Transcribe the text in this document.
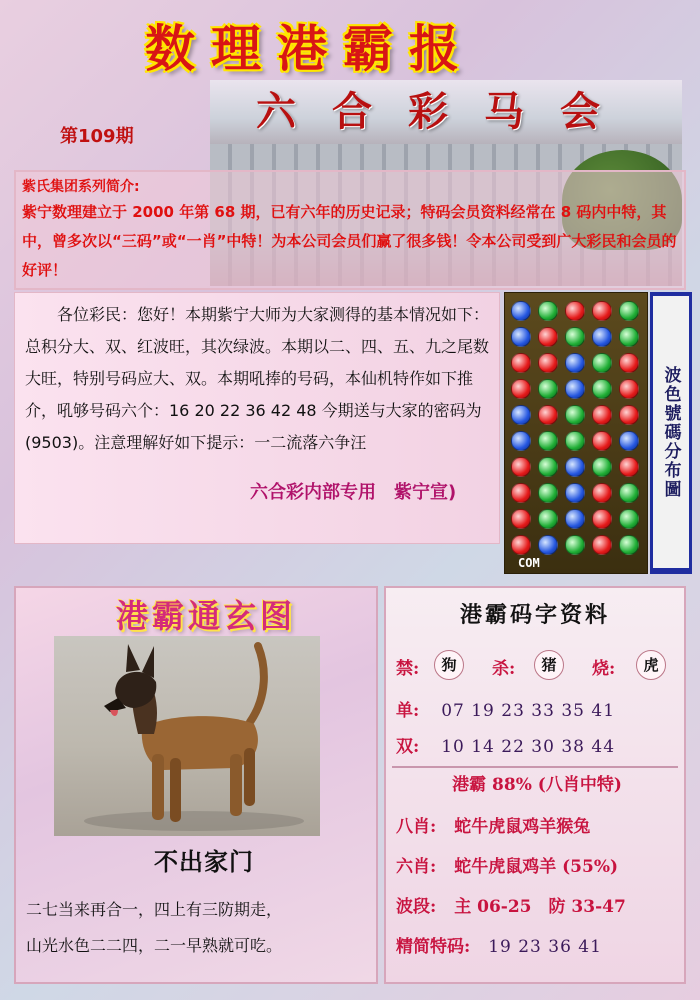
数理港霸报
六合彩马会
第109期
紫氏集团系列简介:
紫宁数理建立于 2000 年第 68 期，已有六年的历史记录；特码会员资料经常在 8 码内中特，其中，曾多次以“三码”或“一肖”中特！为本公司会员们赢了很多钱！令本公司受到广大彩民和会员的好评！

各位彩民：您好！本期紫宁大师为大家测得的基本情况如下：总积分大、双、红波旺，其次绿波。本期以二、四、五、九之尾数大旺，特别号码应大、双。本期吼捧的号码，本仙机特作如下推介，吼够号码六个：16 20 22 36 42 48 今期送与大家的密码为 (9503)。注意理解好如下提示：一二流落六争汪

六合彩内部专用　紫宁宣)
COM
波色號碼分布圖
港霸通玄图
不出家门
二七当来再合一，四上有三防期走，
山光水色二二四，二一早熟就可吃。
港霸码字资料
禁:	狗	杀:	猪	烧:	虎
单: 07 19 23 33 35 41
双: 10 14 22 30 38 44
港霸 88% (八肖中特)
八肖: 蛇牛虎鼠鸡羊猴兔
六肖: 蛇牛虎鼠鸡羊 (55%)
波段: 主 06-25　防 33-47
精简特码: 19 23 36 41
